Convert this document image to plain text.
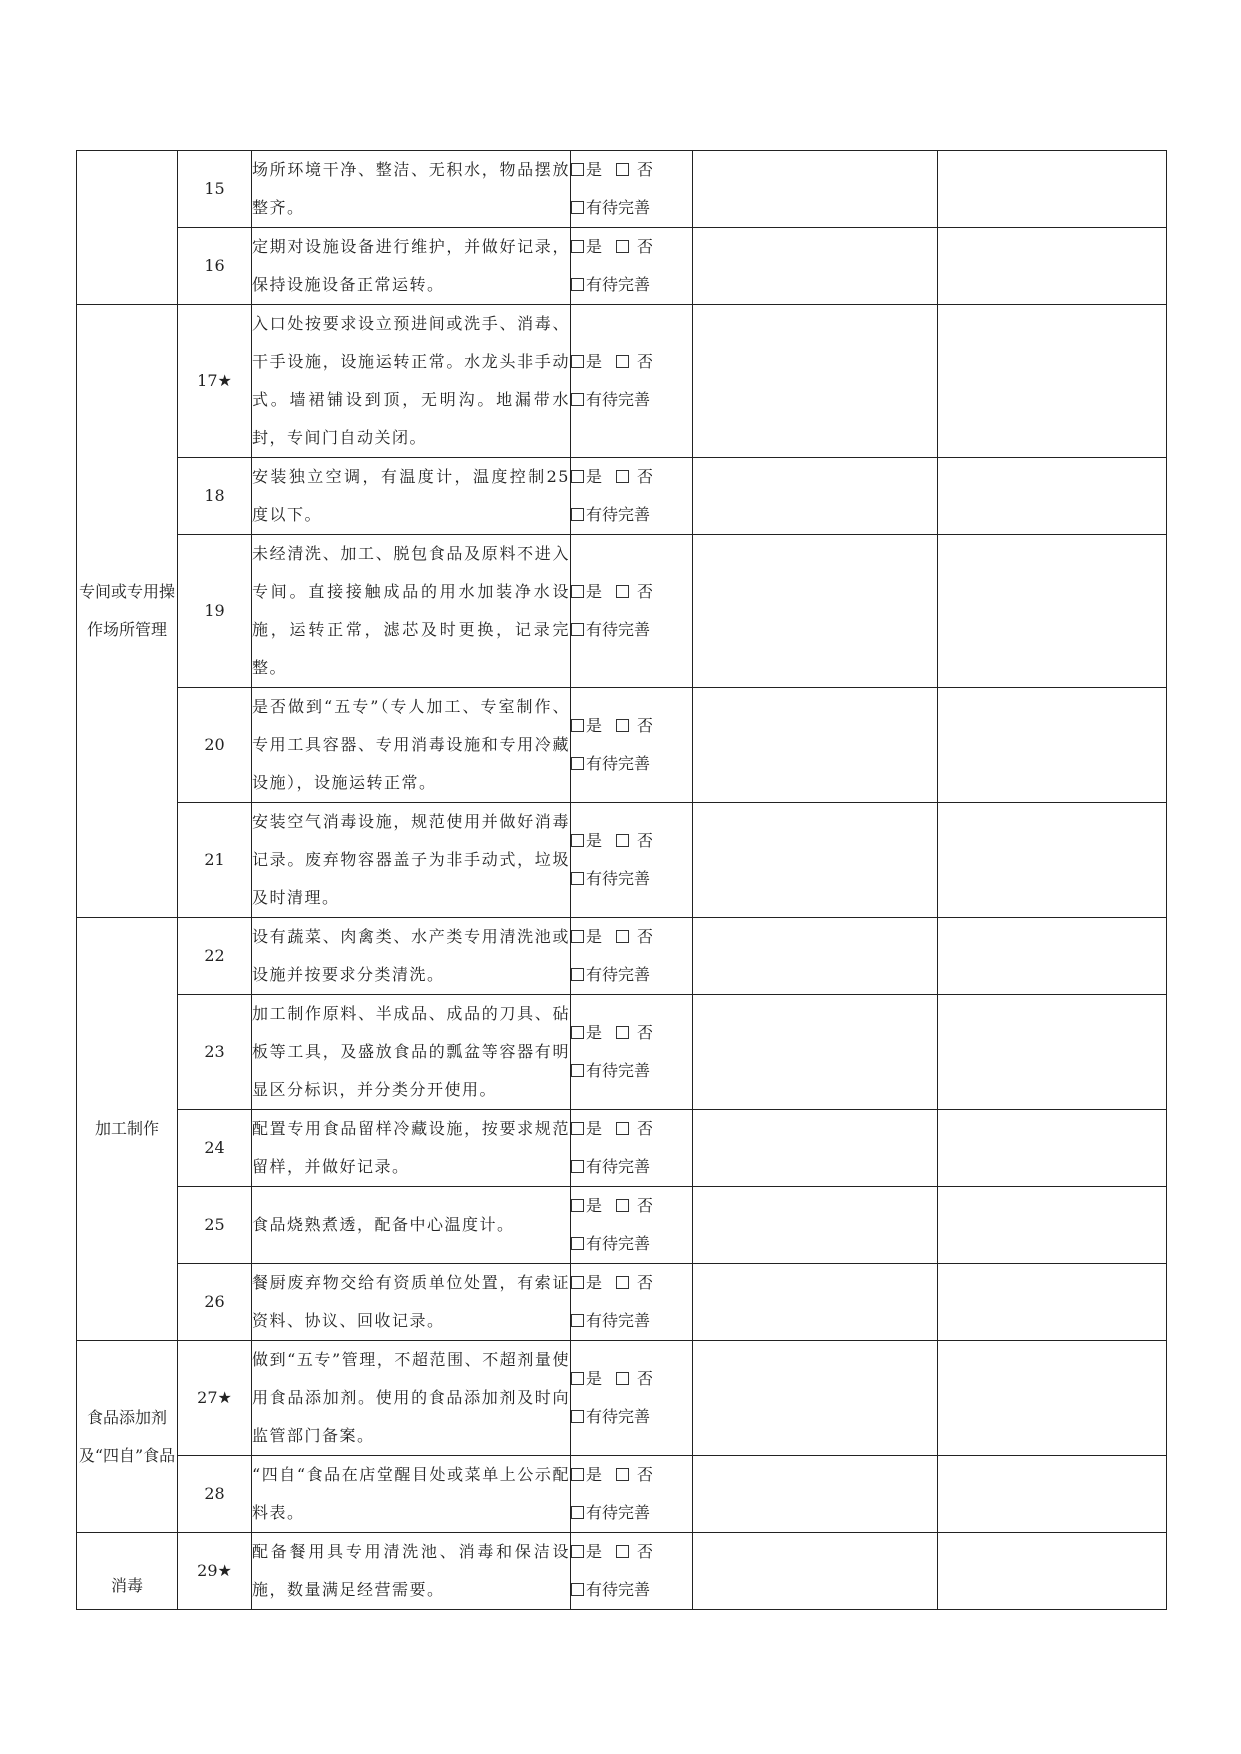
	15	场所环境干净、整洁、无积水，物品摆放整齐。	是 否
有待完善		

	16	定期对设施设备进行维护，并做好记录，保持设施设备正常运转。	是 否
有待完善		

专间或专用操作场所管理	17★	入口处按要求设立预进间或洗手、消毒、干手设施，设施运转正常。水龙头非手动式。墙裙铺设到顶，无明沟。地漏带水封，专间门自动关闭。	是 否
有待完善		

	18	安装独立空调，有温度计，温度控制25度以下。	是 否
有待完善		

	19	未经清洗、加工、脱包食品及原料不进入专间。直接接触成品的用水加装净水设施，运转正常，滤芯及时更换，记录完整。	是 否
有待完善		

	20	是否做到“五专”（专人加工、专室制作、专用工具容器、专用消毒设施和专用冷藏设施），设施运转正常。	是 否
有待完善		

	21	安装空气消毒设施，规范使用并做好消毒记录。废弃物容器盖子为非手动式，垃圾及时清理。	是 否
有待完善		

加工制作	22	设有蔬菜、肉禽类、水产类专用清洗池或设施并按要求分类清洗。	是 否
有待完善		

	23	加工制作原料、半成品、成品的刀具、砧板等工具，及盛放食品的瓢盆等容器有明显区分标识，并分类分开使用。	是 否
有待完善		

	24	配置专用食品留样冷藏设施，按要求规范留样，并做好记录。	是 否
有待完善		

	25	食品烧熟煮透，配备中心温度计。	是 否
有待完善		

	26	餐厨废弃物交给有资质单位处置，有索证资料、协议、回收记录。	是 否
有待完善		

食品添加剂及“四自”食品	27★	做到“五专”管理，不超范围、不超剂量使用食品添加剂。使用的食品添加剂及时向监管部门备案。	是 否
有待完善		

	28	“四自“食品在店堂醒目处或菜单上公示配料表。	是 否
有待完善		

消毒	29★	配备餐用具专用清洗池、消毒和保洁设施，数量满足经营需要。	是 否
有待完善		
